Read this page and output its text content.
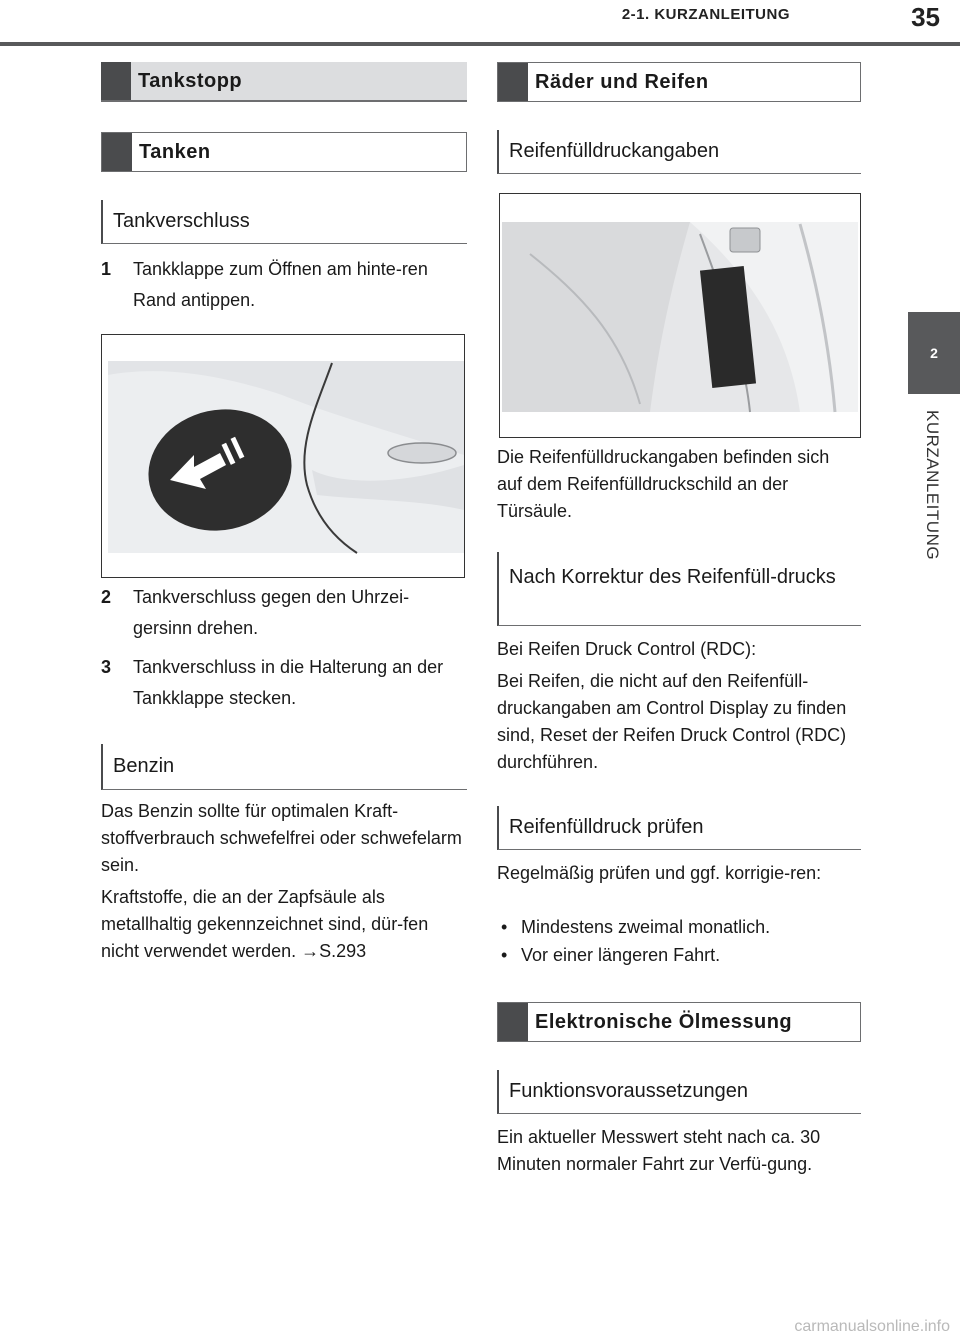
2-1. KURZANLEITUNG	35
2
KURZANLEITUNG
Tankstopp
Tanken
Tankverschluss
1	Tankklappe zum Öffnen am hinte-ren Rand antippen.
2	Tankverschluss gegen den Uhrzei-gersinn drehen.
3	Tankverschluss in die Halterung an der Tankklappe stecken.
Benzin
Das Benzin sollte für optimalen Kraft-stoffverbrauch schwefelfrei oder schwefelarm sein.
Kraftstoffe, die an der Zapfsäule als metallhaltig gekennzeichnet sind, dür-fen nicht verwendet werden. →S.293
Räder und Reifen
Reifenfülldruckangaben
Die Reifenfülldruckangaben befinden sich auf dem Reifenfülldruckschild an der Türsäule.
Nach Korrektur des Reifenfüll-drucks
Bei Reifen Druck Control (RDC):
Bei Reifen, die nicht auf den Reifenfüll-druckangaben am Control Display zu finden sind, Reset der Reifen Druck Control (RDC) durchführen.
Reifenfülldruck prüfen
Regelmäßig prüfen und ggf. korrigie-ren:
• Mindestens zweimal monatlich.
• Vor einer längeren Fahrt.
Elektronische Ölmessung
Funktionsvoraussetzungen
Ein aktueller Messwert steht nach ca. 30 Minuten normaler Fahrt zur Verfü-gung.
carmanualsonline.info
